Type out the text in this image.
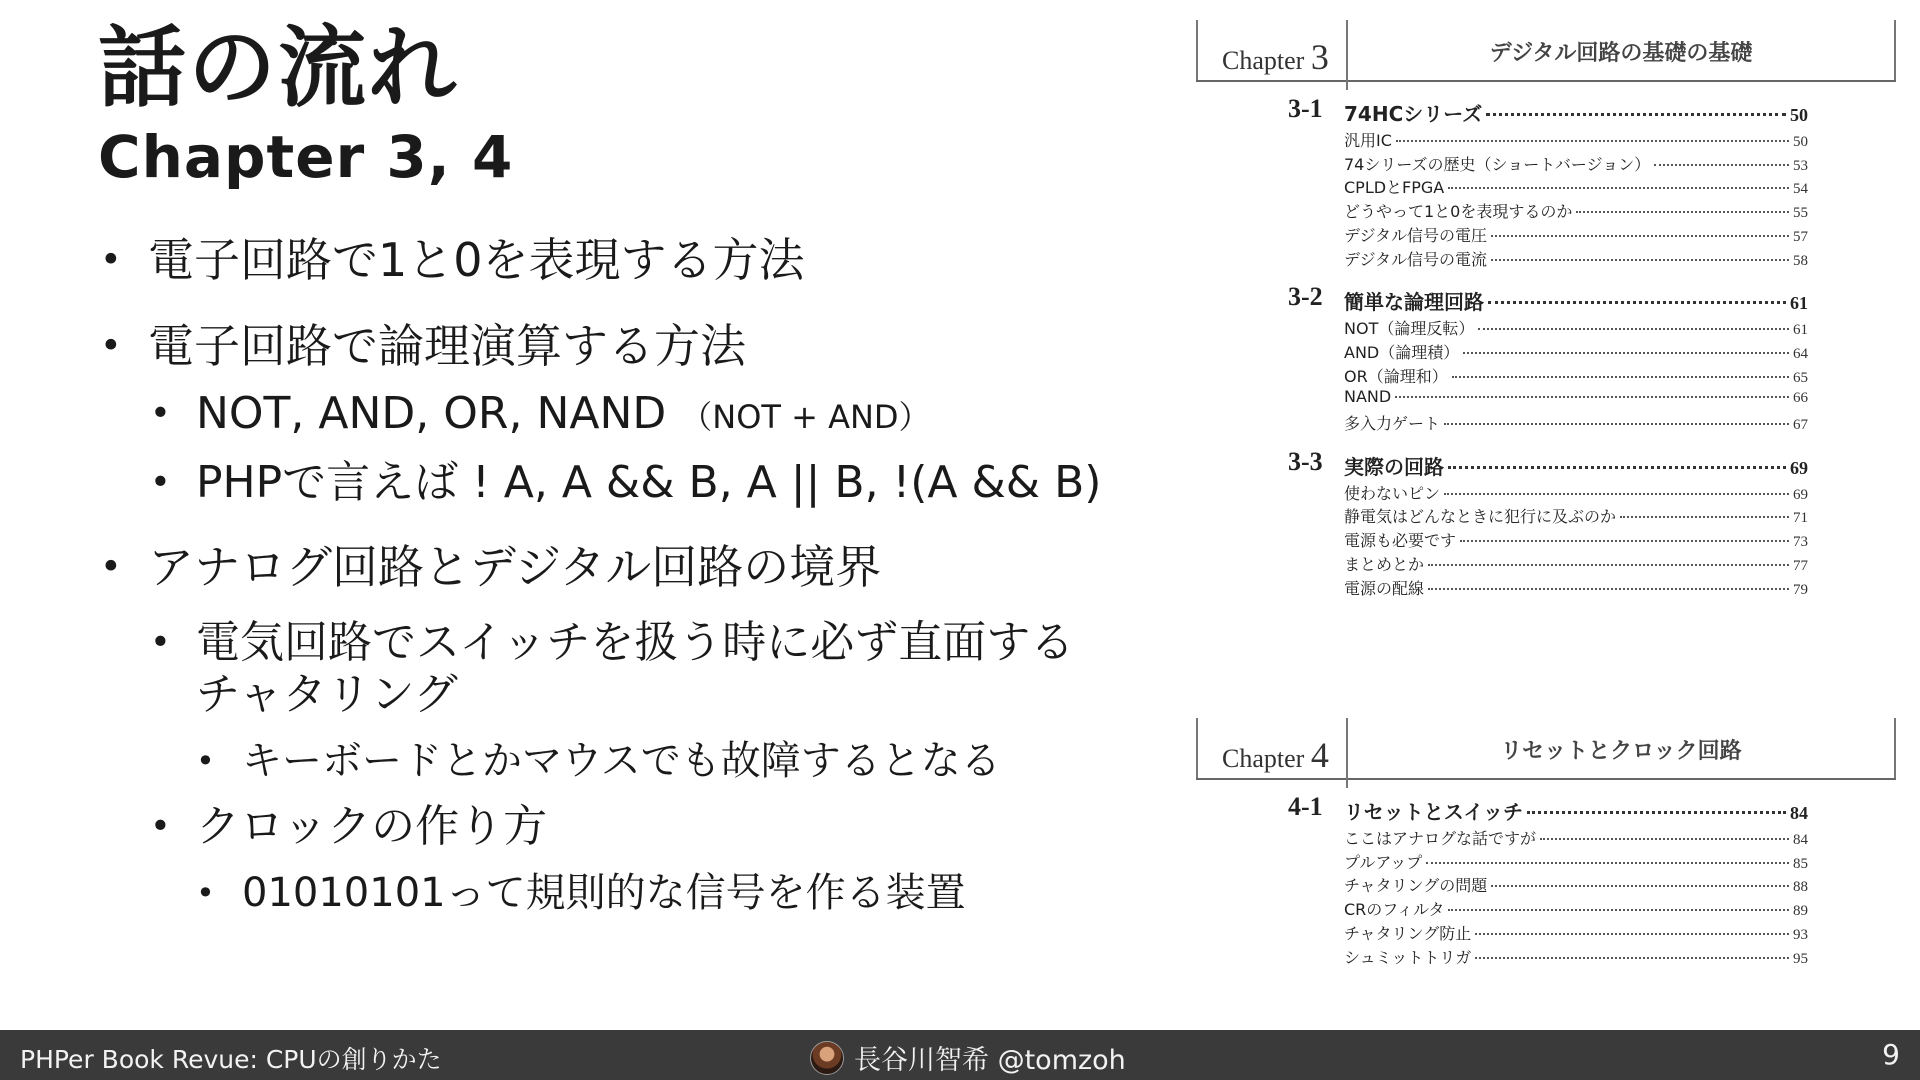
話の流れ
Chapter 3, 4
• 電子回路で1と0を表現する方法
• 電子回路で論理演算する方法
• NOT, AND, OR, NAND （NOT + AND）
• PHPで言えば ! A, A && B, A || B, !(A && B)
• アナログ回路とデジタル回路の境界
• 電気回路でスイッチを扱う時に必ず直面する
チャタリング
• キーボードとかマウスでも故障するとなる
• クロックの作り方
• 01010101って規則的な信号を作る装置
Chapter 3	デジタル回路の基礎の基礎
3-1	74HCシリーズ	50
汎用IC	50
74シリーズの歴史（ショートバージョン）	53
CPLDとFPGA	54
どうやって1と0を表現するのか	55
デジタル信号の電圧	57
デジタル信号の電流	58
3-2	簡単な論理回路	61
NOT（論理反転）	61
AND（論理積）	64
OR（論理和）	65
NAND	66
多入力ゲート	67
3-3	実際の回路	69
使わないピン	69
静電気はどんなときに犯行に及ぶのか	71
電源も必要です	73
まとめとか	77
電源の配線	79
Chapter 4	リセットとクロック回路
4-1	リセットとスイッチ	84
ここはアナログな話ですが	84
プルアップ	85
チャタリングの問題	88
CRのフィルタ	89
チャタリング防止	93
シュミットトリガ	95
PHPer Book Revue: CPUの創りかた	長谷川智希 @tomzoh	9
